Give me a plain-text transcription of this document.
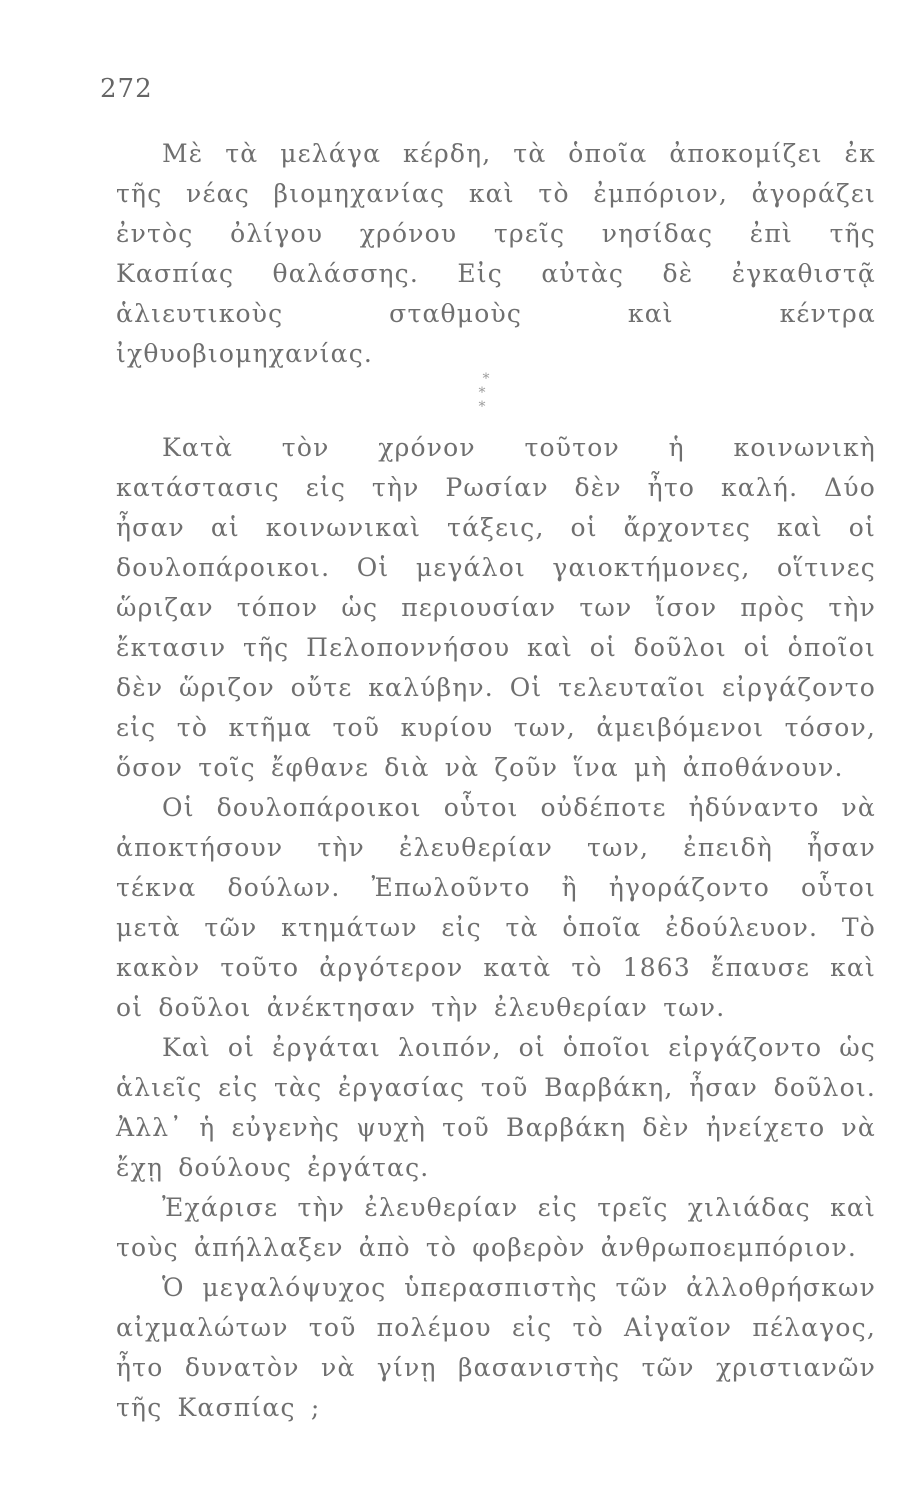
272

Μὲ τὰ μελάγα κέρδη, τὰ ὁποῖα ἀποκομίζει ἐκ τῆς νέας βιομηχανίας καὶ τὸ ἐμπόριον, ἀγοράζει ἐντὸς ὀλίγου χρόνου τρεῖς νησίδας ἐπὶ τῆς Κασπίας θαλάσσης. Εἰς αὐτὰς δὲ ἐγκαθιστᾷ ἁλιευτικοὺς σταθμοὺς καὶ κέντρα ἰχθυοβιομηχανίας.

*
* *

Κατὰ τὸν χρόνον τοῦτον ἡ κοινωνικὴ κατάστασις εἰς τὴν Ρωσίαν δὲν ἦτο καλή. Δύο ἦσαν αἱ κοινωνικαὶ τάξεις, οἱ ἄρχοντες καὶ οἱ δουλοπάροικοι. Οἱ μεγάλοι γαιοκτήμονες, οἵτινες ὥριζαν τόπον ὡς περιουσίαν των ἴσον πρὸς τὴν ἔκτασιν τῆς Πελοποννήσου καὶ οἱ δοῦλοι οἱ ὁποῖοι δὲν ὥριζον οὔτε καλύβην. Οἱ τελευταῖοι εἰργάζοντο εἰς τὸ κτῆμα τοῦ κυρίου των, ἀμειβόμενοι τόσον, ὅσον τοῖς ἔφθανε διὰ νὰ ζοῦν ἵνα μὴ ἀποθάνουν.

Οἱ δουλοπάροικοι οὗτοι οὐδέποτε ἠδύναντο νὰ ἀποκτήσουν τὴν ἐλευθερίαν των, ἐπειδὴ ἦσαν τέκνα δούλων. Ἐπωλοῦντο ἢ ἠγοράζοντο οὗτοι μετὰ τῶν κτημάτων εἰς τὰ ὁποῖα ἐδούλευον. Τὸ κακὸν τοῦτο ἀργότερον κατὰ τὸ 1863 ἔπαυσε καὶ οἱ δοῦλοι ἀνέκτησαν τὴν ἐλευθερίαν των.

Καὶ οἱ ἐργάται λοιπόν, οἱ ὁποῖοι εἰργάζοντο ὡς ἁλιεῖς εἰς τὰς ἐργασίας τοῦ Βαρβάκη, ἦσαν δοῦλοι. Ἀλλ᾽ ἡ εὐγενὴς ψυχὴ τοῦ Βαρβάκη δὲν ἠνείχετο νὰ ἔχῃ δούλους ἐργάτας.

Ἐχάρισε τὴν ἐλευθερίαν εἰς τρεῖς χιλιάδας καὶ τοὺς ἀπήλλαξεν ἀπὸ τὸ φοβερὸν ἀνθρωποεμπόριον.

Ὁ μεγαλόψυχος ὑπερασπιστὴς τῶν ἀλλοθρήσκων αἰχμαλώτων τοῦ πολέμου εἰς τὸ Αἰγαῖον πέλαγος, ἦτο δυνατὸν νὰ γίνῃ βασανιστὴς τῶν χριστιανῶν τῆς Κασπίας ;
